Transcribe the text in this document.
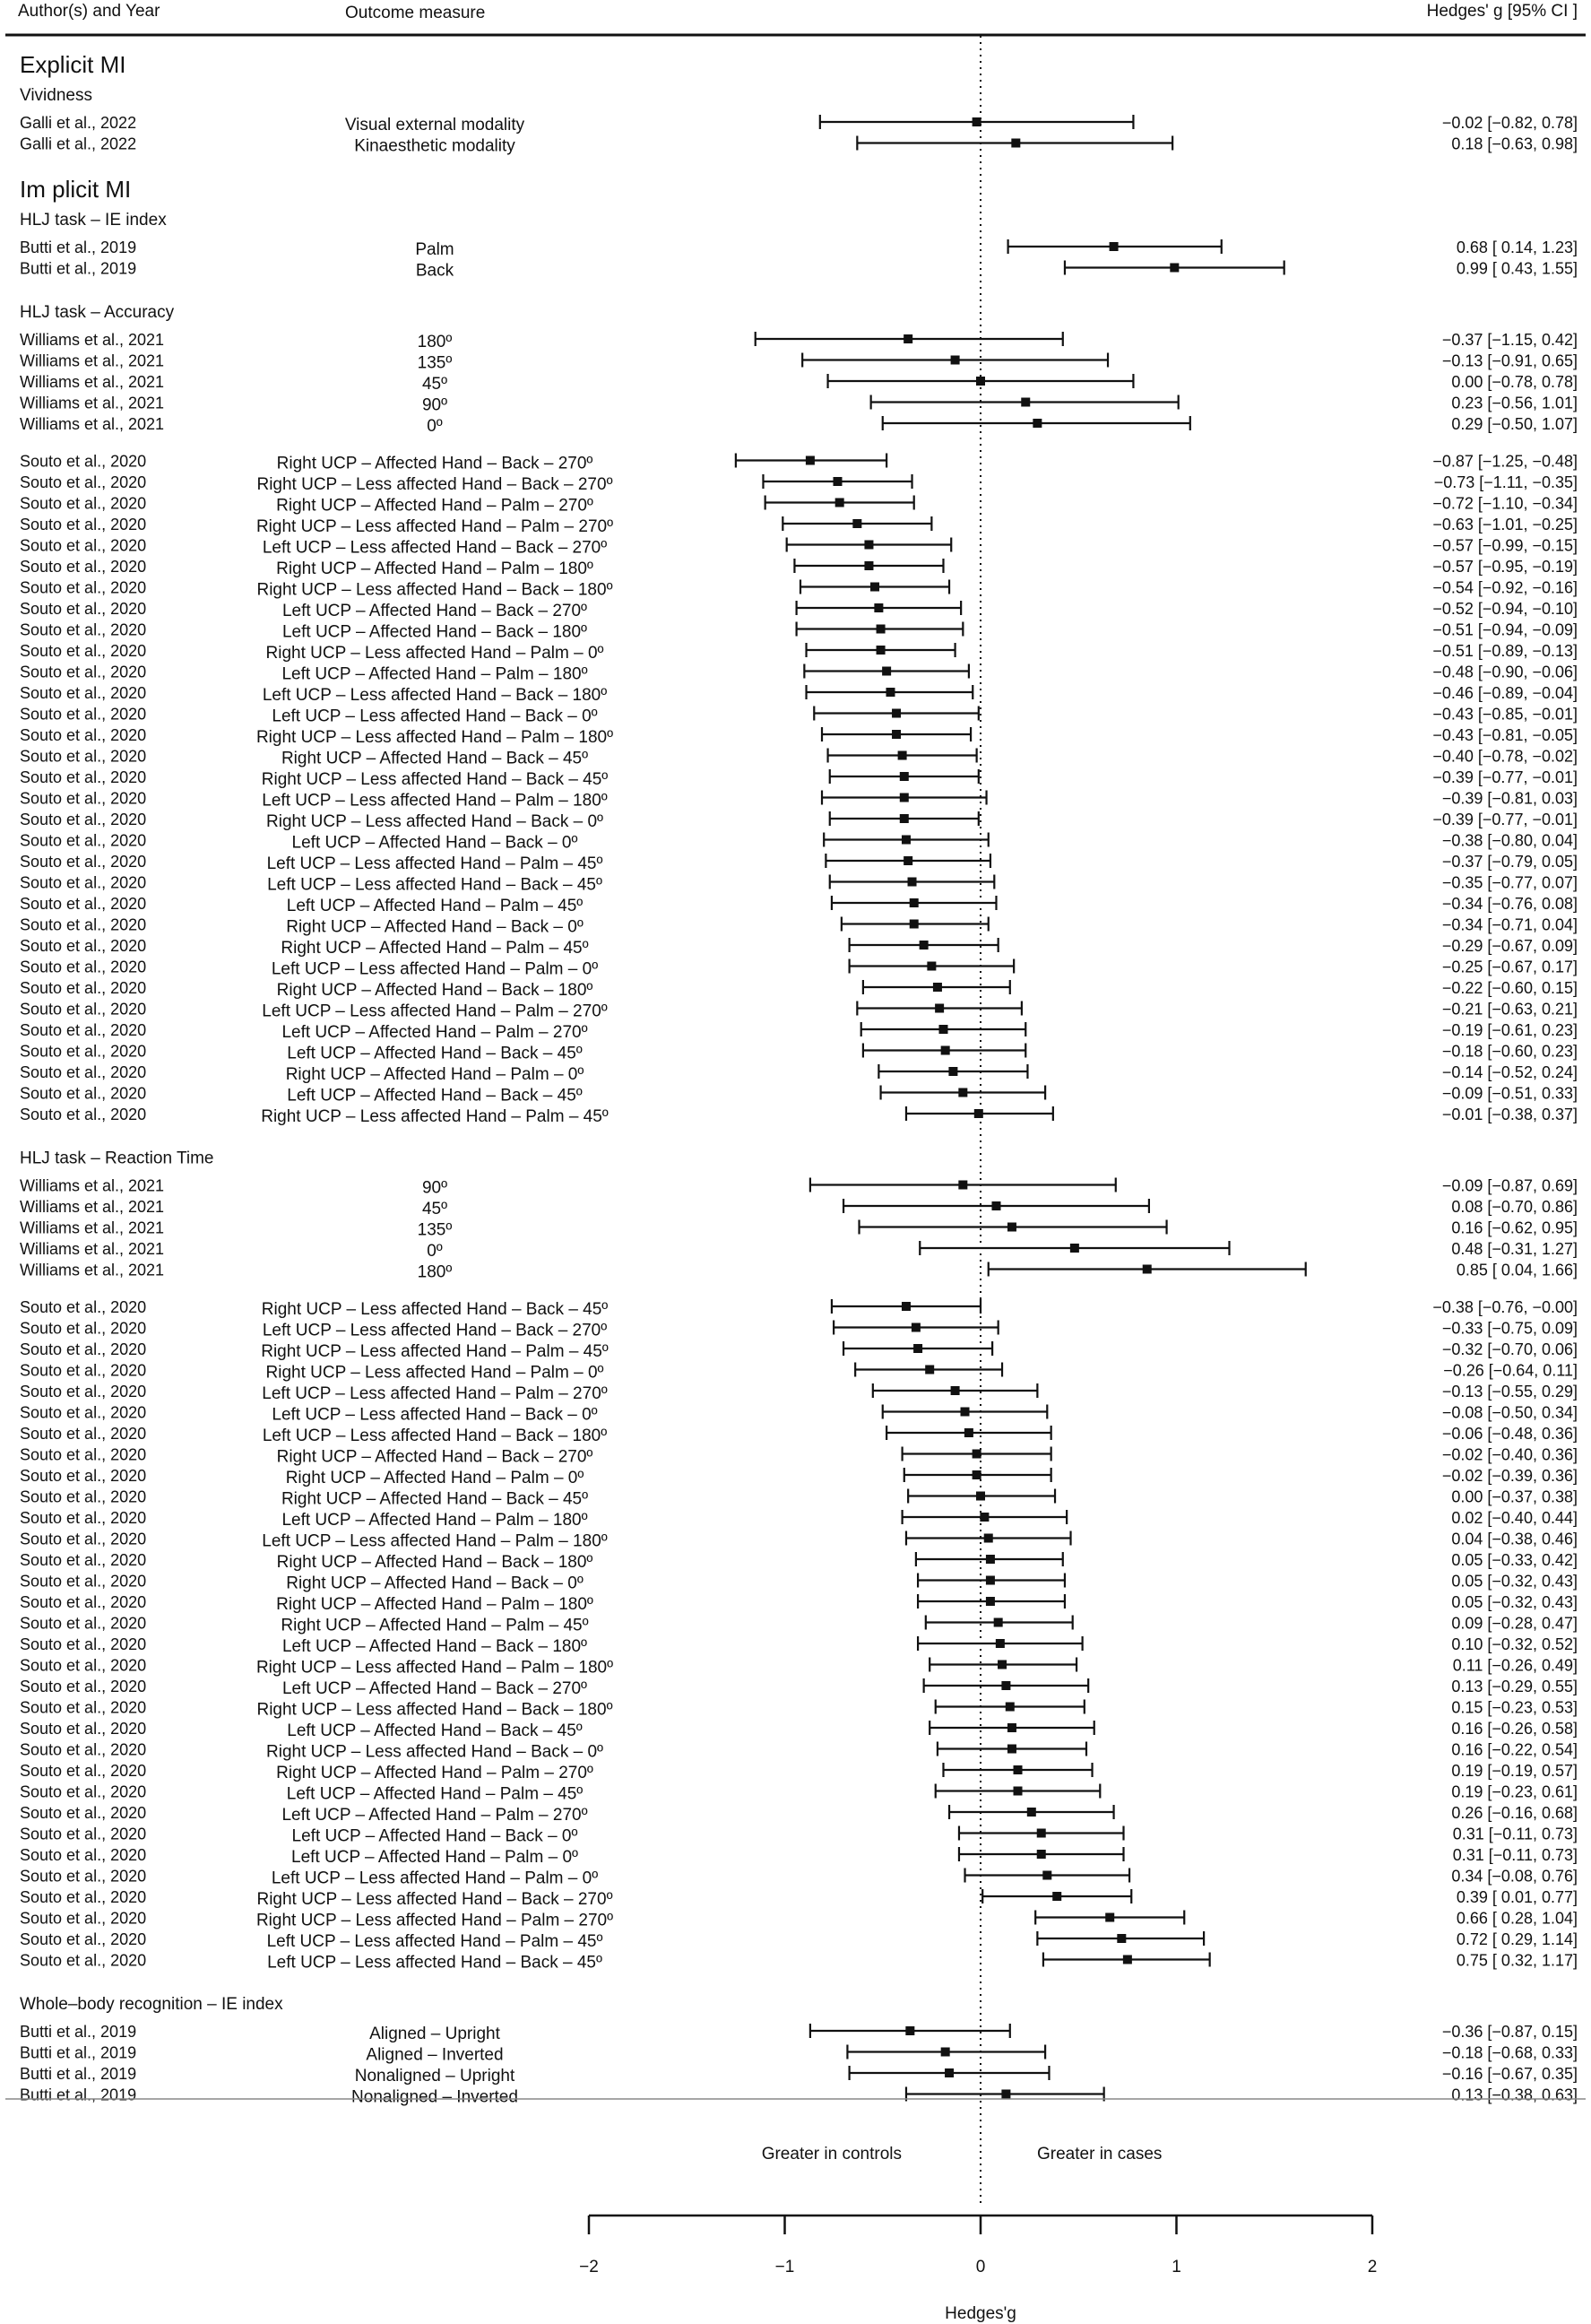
Author(s) and Year	Outcome measure	Hedges' g [95% CI ]
Explicit MI
Vividness
Galli et al., 2022	Visual external modality	−0.02 [−0.82, 0.78]
Galli et al., 2022	Kinaesthetic modality	0.18 [−0.63, 0.98]
Im plicit MI
HLJ task – IE index
Butti et al., 2019	Palm	0.68 [ 0.14, 1.23]
Butti et al., 2019	Back	0.99 [ 0.43, 1.55]
HLJ task – Accuracy
Williams et al., 2021	180º	−0.37 [−1.15, 0.42]
Williams et al., 2021	135º	−0.13 [−0.91, 0.65]
Williams et al., 2021	45º	0.00 [−0.78, 0.78]
Williams et al., 2021	90º	0.23 [−0.56, 1.01]
Williams et al., 2021	0º	0.29 [−0.50, 1.07]
Souto et al., 2020	Right UCP – Affected Hand – Back – 270º	−0.87 [−1.25, −0.48]
Souto et al., 2020	Right UCP – Less affected Hand – Back – 270º	−0.73 [−1.11, −0.35]
Souto et al., 2020	Right UCP – Affected Hand – Palm – 270º	−0.72 [−1.10, −0.34]
Souto et al., 2020	Right UCP – Less affected Hand – Palm – 270º	−0.63 [−1.01, −0.25]
Souto et al., 2020	Left UCP – Less affected Hand – Back – 270º	−0.57 [−0.99, −0.15]
Souto et al., 2020	Right UCP – Affected Hand – Palm – 180º	−0.57 [−0.95, −0.19]
Souto et al., 2020	Right UCP – Less affected Hand – Back – 180º	−0.54 [−0.92, −0.16]
Souto et al., 2020	Left UCP – Affected Hand – Back – 270º	−0.52 [−0.94, −0.10]
Souto et al., 2020	Left UCP – Affected Hand – Back – 180º	−0.51 [−0.94, −0.09]
Souto et al., 2020	Right UCP – Less affected Hand – Palm – 0º	−0.51 [−0.89, −0.13]
Souto et al., 2020	Left UCP – Affected Hand – Palm – 180º	−0.48 [−0.90, −0.06]
Souto et al., 2020	Left UCP – Less affected Hand – Back – 180º	−0.46 [−0.89, −0.04]
Souto et al., 2020	Left UCP – Less affected Hand – Back – 0º	−0.43 [−0.85, −0.01]
Souto et al., 2020	Right UCP – Less affected Hand – Palm – 180º	−0.43 [−0.81, −0.05]
Souto et al., 2020	Right UCP – Affected Hand – Back – 45º	−0.40 [−0.78, −0.02]
Souto et al., 2020	Right UCP – Less affected Hand – Back – 45º	−0.39 [−0.77, −0.01]
Souto et al., 2020	Left UCP – Less affected Hand – Palm – 180º	−0.39 [−0.81, 0.03]
Souto et al., 2020	Right UCP – Less affected Hand – Back – 0º	−0.39 [−0.77, −0.01]
Souto et al., 2020	Left UCP – Affected Hand – Back – 0º	−0.38 [−0.80, 0.04]
Souto et al., 2020	Left UCP – Less affected Hand – Palm – 45º	−0.37 [−0.79, 0.05]
Souto et al., 2020	Left UCP – Less affected Hand – Back – 45º	−0.35 [−0.77, 0.07]
Souto et al., 2020	Left UCP – Affected Hand – Palm – 45º	−0.34 [−0.76, 0.08]
Souto et al., 2020	Right UCP – Affected Hand – Back – 0º	−0.34 [−0.71, 0.04]
Souto et al., 2020	Right UCP – Affected Hand – Palm – 45º	−0.29 [−0.67, 0.09]
Souto et al., 2020	Left UCP – Less affected Hand – Palm – 0º	−0.25 [−0.67, 0.17]
Souto et al., 2020	Right UCP – Affected Hand – Back – 180º	−0.22 [−0.60, 0.15]
Souto et al., 2020	Left UCP – Less affected Hand – Palm – 270º	−0.21 [−0.63, 0.21]
Souto et al., 2020	Left UCP – Affected Hand – Palm – 270º	−0.19 [−0.61, 0.23]
Souto et al., 2020	Left UCP – Affected Hand – Back – 45º	−0.18 [−0.60, 0.23]
Souto et al., 2020	Right UCP – Affected Hand – Palm – 0º	−0.14 [−0.52, 0.24]
Souto et al., 2020	Left UCP – Affected Hand – Back – 45º	−0.09 [−0.51, 0.33]
Souto et al., 2020	Right UCP – Less affected Hand – Palm – 45º	−0.01 [−0.38, 0.37]
HLJ task – Reaction Time
Williams et al., 2021	90º	−0.09 [−0.87, 0.69]
Williams et al., 2021	45º	0.08 [−0.70, 0.86]
Williams et al., 2021	135º	0.16 [−0.62, 0.95]
Williams et al., 2021	0º	0.48 [−0.31, 1.27]
Williams et al., 2021	180º	0.85 [ 0.04, 1.66]
Souto et al., 2020	Right UCP – Less affected Hand – Back – 45º	−0.38 [−0.76, −0.00]
Souto et al., 2020	Left UCP – Less affected Hand – Back – 270º	−0.33 [−0.75, 0.09]
Souto et al., 2020	Right UCP – Less affected Hand – Palm – 45º	−0.32 [−0.70, 0.06]
Souto et al., 2020	Right UCP – Less affected Hand – Palm – 0º	−0.26 [−0.64, 0.11]
Souto et al., 2020	Left UCP – Less affected Hand – Palm – 270º	−0.13 [−0.55, 0.29]
Souto et al., 2020	Left UCP – Less affected Hand – Back – 0º	−0.08 [−0.50, 0.34]
Souto et al., 2020	Left UCP – Less affected Hand – Back – 180º	−0.06 [−0.48, 0.36]
Souto et al., 2020	Right UCP – Affected Hand – Back – 270º	−0.02 [−0.40, 0.36]
Souto et al., 2020	Right UCP – Affected Hand – Palm – 0º	−0.02 [−0.39, 0.36]
Souto et al., 2020	Right UCP – Affected Hand – Back – 45º	0.00 [−0.37, 0.38]
Souto et al., 2020	Left UCP – Affected Hand – Palm – 180º	0.02 [−0.40, 0.44]
Souto et al., 2020	Left UCP – Less affected Hand – Palm – 180º	0.04 [−0.38, 0.46]
Souto et al., 2020	Right UCP – Affected Hand – Back – 180º	0.05 [−0.33, 0.42]
Souto et al., 2020	Right UCP – Affected Hand – Back – 0º	0.05 [−0.32, 0.43]
Souto et al., 2020	Right UCP – Affected Hand – Palm – 180º	0.05 [−0.32, 0.43]
Souto et al., 2020	Right UCP – Affected Hand – Palm – 45º	0.09 [−0.28, 0.47]
Souto et al., 2020	Left UCP – Affected Hand – Back – 180º	0.10 [−0.32, 0.52]
Souto et al., 2020	Right UCP – Less affected Hand – Palm – 180º	0.11 [−0.26, 0.49]
Souto et al., 2020	Left UCP – Affected Hand – Back – 270º	0.13 [−0.29, 0.55]
Souto et al., 2020	Right UCP – Less affected Hand – Back – 180º	0.15 [−0.23, 0.53]
Souto et al., 2020	Left UCP – Affected Hand – Back – 45º	0.16 [−0.26, 0.58]
Souto et al., 2020	Right UCP – Less affected Hand – Back – 0º	0.16 [−0.22, 0.54]
Souto et al., 2020	Right UCP – Affected Hand – Palm – 270º	0.19 [−0.19, 0.57]
Souto et al., 2020	Left UCP – Affected Hand – Palm – 45º	0.19 [−0.23, 0.61]
Souto et al., 2020	Left UCP – Affected Hand – Palm – 270º	0.26 [−0.16, 0.68]
Souto et al., 2020	Left UCP – Affected Hand – Back – 0º	0.31 [−0.11, 0.73]
Souto et al., 2020	Left UCP – Affected Hand – Palm – 0º	0.31 [−0.11, 0.73]
Souto et al., 2020	Left UCP – Less affected Hand – Palm – 0º	0.34 [−0.08, 0.76]
Souto et al., 2020	Right UCP – Less affected Hand – Back – 270º	0.39 [ 0.01, 0.77]
Souto et al., 2020	Right UCP – Less affected Hand – Palm – 270º	0.66 [ 0.28, 1.04]
Souto et al., 2020	Left UCP – Less affected Hand – Palm – 45º	0.72 [ 0.29, 1.14]
Souto et al., 2020	Left UCP – Less affected Hand – Back – 45º	0.75 [ 0.32, 1.17]
Whole–body recognition – IE index
Butti et al., 2019	Aligned – Upright	−0.36 [−0.87, 0.15]
Butti et al., 2019	Aligned – Inverted	−0.18 [−0.68, 0.33]
Butti et al., 2019	Nonaligned – Upright	−0.16 [−0.67, 0.35]
Butti et al., 2019	Nonaligned – Inverted	0.13 [−0.38, 0.63]
Greater in controls	Greater in cases
Hedges'g
−2	−1	0	1	2
